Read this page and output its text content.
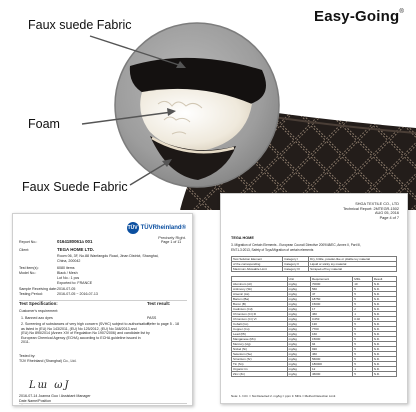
Easy-Going®
Faux suede Fabric
Foam
Faux Suede Fabric
TÜV TÜVRheinland®
Precisely Right.
Report No.:	0164180061a 001	Page 1 of 11
Client:	TEGA HOME LTD.
Room 06, 3F, No.88 Wanfangdu Road, Jinan District, Shanghai,
China, 200042
Test item(s):	6080 items
Model No.:	Black / Mesh
Lot No.: 1 pcs
Exported to: FRANCE
Sample Receiving date: 2016-07-05
Testing Period:	2016-07-05 ~ 2016-07-13
Test Specification:	Test result:
Customer's requirement:
1. Banned azo dyes	PASS
2. Screening of substances of very high concern (SVHC) subject to authorisation,
Refer to page 5 - 18
as listed in (EU) No 143/2011, (EU) No 125/2012, (EU) No 348/2013 and
(EU) No 895/2014 (Annex XIV of Regulation No 1907/2006) and candidate list by
European Chemical Agency (ECHA) according to ECHA guideline issued in
2011.
Tested by:
TÜV Rheinland (Shanghai) Co., Ltd.
Lɯ ωJ
2016-07-14 Joanna Guo / Assistant Manager
Date Name/Position
TÜV Rheinland (Shanghai) Co., Ltd. No.177, 1059 Lane, East Xinghong Road Shanghai 200235
SHGA TEXTILE CO., LTD
Technical Report: 2MTEGR-1502
AUG 05, 2016
Page 4 of 7
TEGA HOME
3. Migration of Certain Elements - European Council Directive 2009/48/EC, Annex II, Part III,
EN71-3:2013, Safety of Toys/Migration of certain elements
Test Solution Element	Category I	Dry, brittle, powder-like or pliable toy material
of the corresponding	Category II	Liquid or sticky toy material
Maximum Allowable Limit	Category III	Scraped-off toy material
	Unit	Requirement	MDL	Result
Aluminum (Al)	mg/kg	70000	10	N.D.
Antimony (Sb)	mg/kg	560	5	N.D.
Arsenic (As)	mg/kg	47	5	N.D.
Barium (Ba)	mg/kg	18750	5	N.D.
Boron (B)	mg/kg	15000	5	N.D.
Cadmium (Cd)	mg/kg	17	2	N.D.
Chromium (Cr) III	mg/kg	460	1	N.D.
Chromium (Cr) VI	mg/kg	0.053	0.02	N.D.
Cobalt (Co)	mg/kg	130	5	N.D.
Copper (Cu)	mg/kg	7700	5	N.D.
Lead (Pb)	mg/kg	160	5	N.D.
Manganese (Mn)	mg/kg	15000	5	N.D.
Mercury (Hg)	mg/kg	94	5	N.D.
Nickel (Ni)	mg/kg	930	5	N.D.
Selenium (Se)	mg/kg	460	5	N.D.
Strontium (Sr)	mg/kg	56000	5	N.D.
Tin (Sn)	mg/kg	180000	5	N.D.
Organic tin	mg/kg	12	1	N.D.
Zinc (Zn)	mg/kg	46000	5	N.D.
Note: 1. N.D. = Not Detected 2. mg/kg = ppm 3. MDL = Method Detection Limit
